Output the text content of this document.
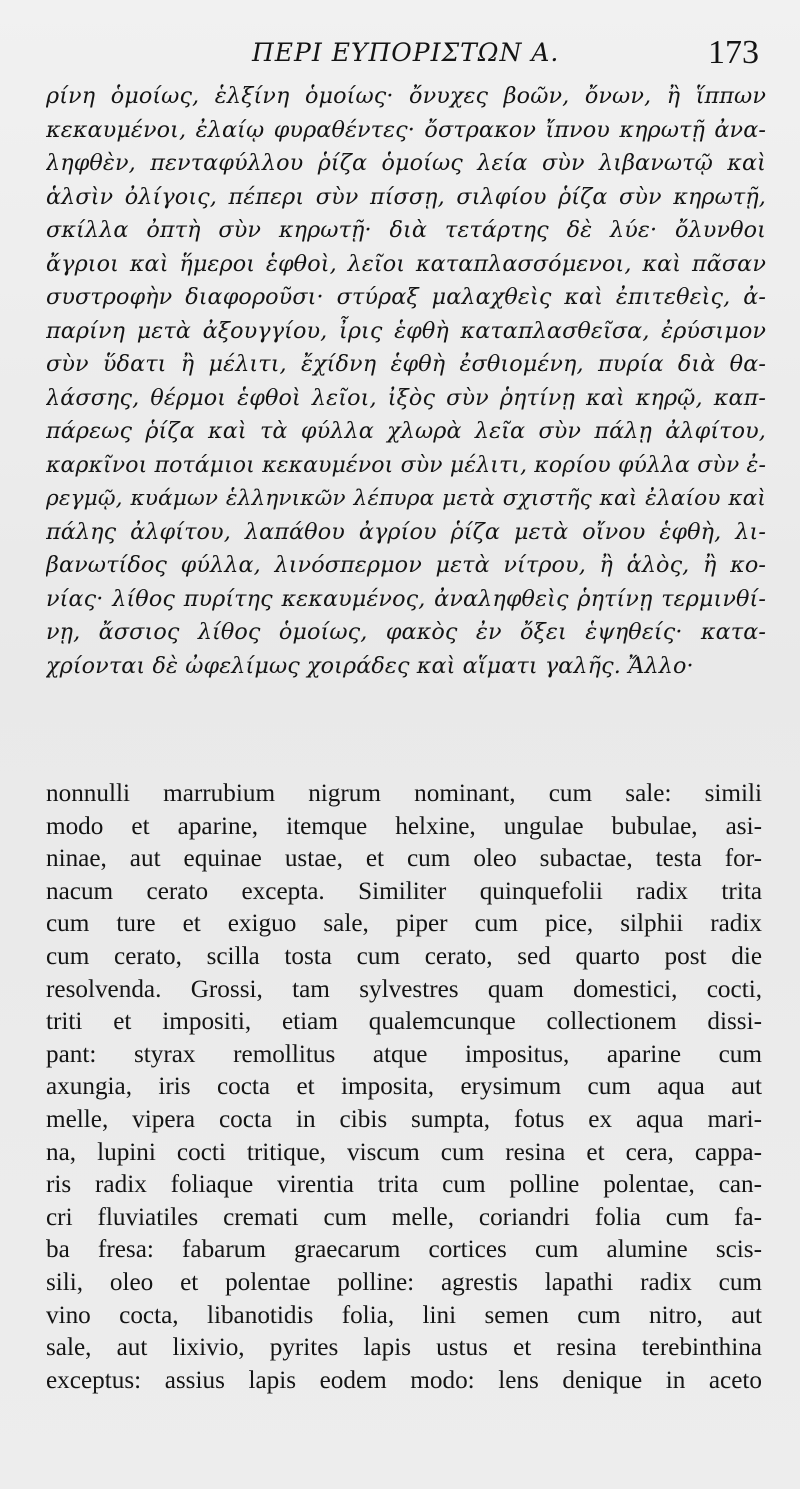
ΠΕΡΙ ΕΥΠΟΡΙΣΤΩΝ Α.	173
ρίνη ὁμοίως, ἑλξίνη ὁμοίως· ὄνυχες βοῶν, ὄνων, ἢ ἵππων
κεκαυμένοι, ἐλαίῳ φυραθέντες· ὄστρακον ἴπνου κηρωτῇ ἀνα-
ληφθὲν, πενταφύλλου ῥίζα ὁμοίως λεία σὺν λιβανωτῷ καὶ
ἁλσὶν ὀλίγοις, πέπερι σὺν πίσσῃ, σιλφίου ῥίζα σὺν κηρωτῇ,
σκίλλα ὀπτὴ σὺν κηρωτῇ· διὰ τετάρτης δὲ λύε· ὄλυνθοι
ἄγριοι καὶ ἥμεροι ἑφθοὶ, λεῖοι καταπλασσόμενοι, καὶ πᾶσαν
συστροφὴν διαφοροῦσι· στύραξ μαλαχθεὶς καὶ ἐπιτεθεὶς, ἀ-
παρίνη μετὰ ἀξουγγίου, ἶρις ἑφθὴ καταπλασθεῖσα, ἐρύσιμον
σὺν ὕδατι ἢ μέλιτι, ἔχίδνη ἑφθὴ ἐσθιομένη, πυρία διὰ θα-
λάσσης, θέρμοι ἑφθοὶ λεῖοι, ἰξὸς σὺν ῥητίνῃ καὶ κηρῷ, καπ-
πάρεως ῥίζα καὶ τὰ φύλλα χλωρὰ λεῖα σὺν πάλῃ ἀλφίτου,
καρκῖνοι ποτάμιοι κεκαυμένοι σὺν μέλιτι, κορίου φύλλα σὺν ἐ-
ρεγμῷ, κυάμων ἑλληνικῶν λέπυρα μετὰ σχιστῆς καὶ ἐλαίου καὶ
πάλης ἀλφίτου, λαπάθου ἀγρίου ῥίζα μετὰ οἴνου ἑφθὴ, λι-
βανωτίδος φύλλα, λινόσπερμον μετὰ νίτρου, ἢ ἁλὸς, ἢ κο-
νίας· λίθος πυρίτης κεκαυμένος, ἀναληφθεὶς ῥητίνῃ τερμινθί-
νῃ, ἄσσιος λίθος ὁμοίως, φακὸς ἐν ὄξει ἑψηθείς· κατα-
χρίονται δὲ ὠφελίμως χοιράδες καὶ αἵματι γαλῆς. Ἄλλο·
nonnulli marrubium nigrum nominant, cum sale: simili
modo et aparine, itemque helxine, ungulae bubulae, asi-
ninae, aut equinae ustae, et cum oleo subactae, testa for-
nacum cerato excepta. Similiter quinquefolii radix trita
cum ture et exiguo sale, piper cum pice, silphii radix
cum cerato, scilla tosta cum cerato, sed quarto post die
resolvenda. Grossi, tam sylvestres quam domestici, cocti,
triti et impositi, etiam qualemcunque collectionem dissi-
pant: styrax remollitus atque impositus, aparine cum
axungia, iris cocta et imposita, erysimum cum aqua aut
melle, vipera cocta in cibis sumpta, fotus ex aqua mari-
na, lupini cocti tritique, viscum cum resina et cera, cappa-
ris radix foliaque virentia trita cum polline polentae, can-
cri fluviatiles cremati cum melle, coriandri folia cum fa-
ba fresa: fabarum graecarum cortices cum alumine scis-
sili, oleo et polentae polline: agrestis lapathi radix cum
vino cocta, libanotidis folia, lini semen cum nitro, aut
sale, aut lixivio, pyrites lapis ustus et resina terebinthina
exceptus: assius lapis eodem modo: lens denique in aceto
